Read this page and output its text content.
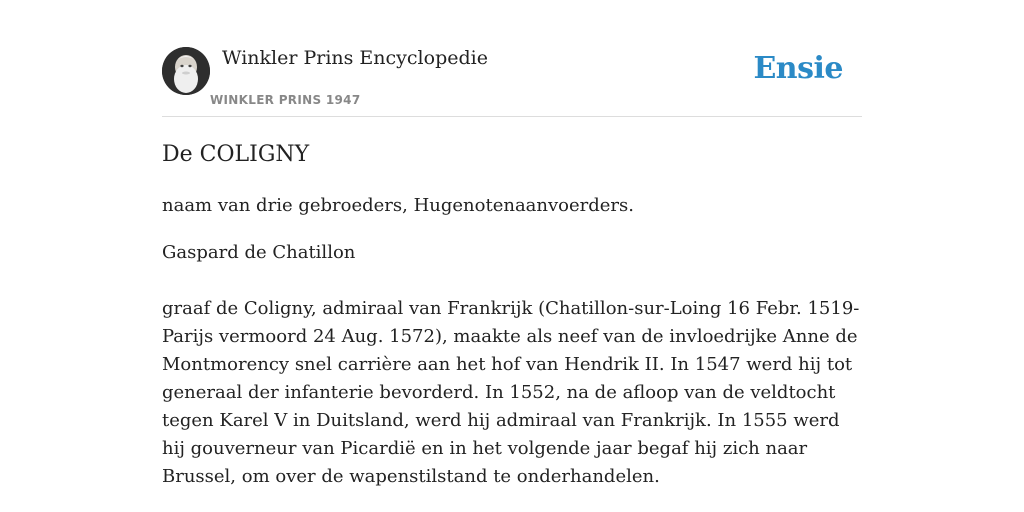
Winkler Prins Encyclopedie
WINKLER PRINS 1947
Ensie
De COLIGNY

naam van drie gebroeders, Hugenotenaanvoerders.

Gaspard de Chatillon

graaf de Coligny, admiraal van Frankrijk (Chatillon-sur-Loing 16 Febr. 1519-Parijs vermoord 24 Aug. 1572), maakte als neef van de invloedrijke Anne de Montmorency snel carrière aan het hof van Hendrik II. In 1547 werd hij tot generaal der infanterie bevorderd. In 1552, na de afloop van de veldtocht tegen Karel V in Duitsland, werd hij admiraal van Frankrijk. In 1555 werd hij gouverneur van Picardië en in het volgende jaar begaf hij zich naar Brussel, om over de wapenstilstand te onderhandelen.
